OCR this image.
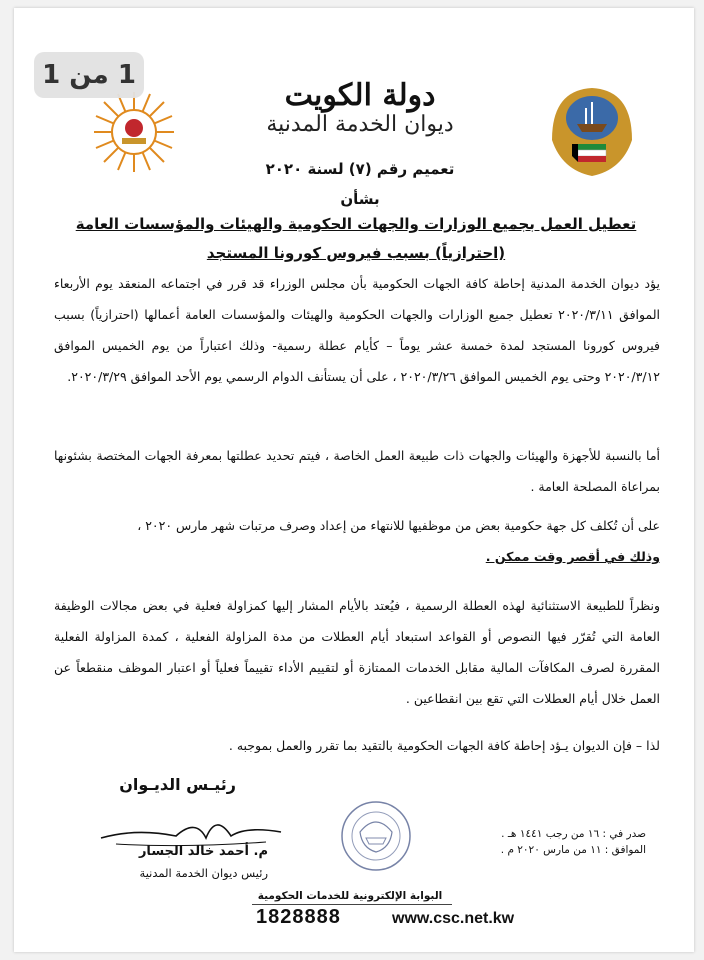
1 من 1
دولة الكويت
ديوان الخدمة المدنية
تعميم رقم (٧) لسنة ٢٠٢٠
بشأن
تعطيل العمل بجميع الوزارات والجهات الحكومية والهيئات والمؤسسات العامة (احترازياً) بسبب فيروس كورونا المستجد
يؤد ديوان الخدمة المدنية إحاطة كافة الجهات الحكومية بأن مجلس الوزراء قد قرر في اجتماعه المنعقد يوم الأربعاء الموافق ٢٠٢٠/٣/١١ تعطيل جميع الوزارات والجهات الحكومية والهيئات والمؤسسات العامة أعمالها (احترازياً) بسبب فيروس كورونا المستجد لمدة خمسة عشر يوماً – كأيام عطلة رسمية- وذلك اعتباراً من يوم الخميس الموافق ٢٠٢٠/٣/١٢ وحتى يوم الخميس الموافق ٢٠٢٠/٣/٢٦ ، على أن يستأنف الدوام الرسمي يوم الأحد الموافق ٢٠٢٠/٣/٢٩.
أما بالنسبة للأجهزة والهيئات والجهات ذات طبيعة العمل الخاصة ، فيتم تحديد عطلتها بمعرفة الجهات المختصة بشئونها بمراعاة المصلحة العامة .
على أن تُكلف كل جهة حكومية بعض من موظفيها للانتهاء من إعداد وصرف مرتبات شهر مارس ٢٠٢٠ ،
وذلك في أقصر وقت ممكن .
ونظراً للطبيعة الاستثنائية لهذه العطلة الرسمية ، فيُعتد بالأيام المشار إليها كمزاولة فعلية في بعض مجالات الوظيفة العامة التي تُقرّر فيها النصوص أو القواعد استبعاد أيام العطلات من مدة المزاولة الفعلية ، كمدة المزاولة الفعلية المقررة لصرف المكافآت المالية مقابل الخدمات الممتازة أو لتقييم الأداء تقييماً فعلياً أو اعتبار الموظف منقطعاً عن العمل خلال أيام العطلات التي تقع بين انقطاعين .
لذا – فإن الديوان يـؤد إحاطة كافة الجهات الحكومية بالتقيد بما تقرر والعمل بموجبه .
رئيـس الديـوان
م. أحمد خالد الجسار
رئيس ديوان الخدمة المدنية
صدر في : ١٦ من رجب ١٤٤١ هـ .
الموافق : ١١ من مارس ٢٠٢٠ م .
البوابة الإلكترونية للخدمات الحكومية
1828888	www.csc.net.kw
